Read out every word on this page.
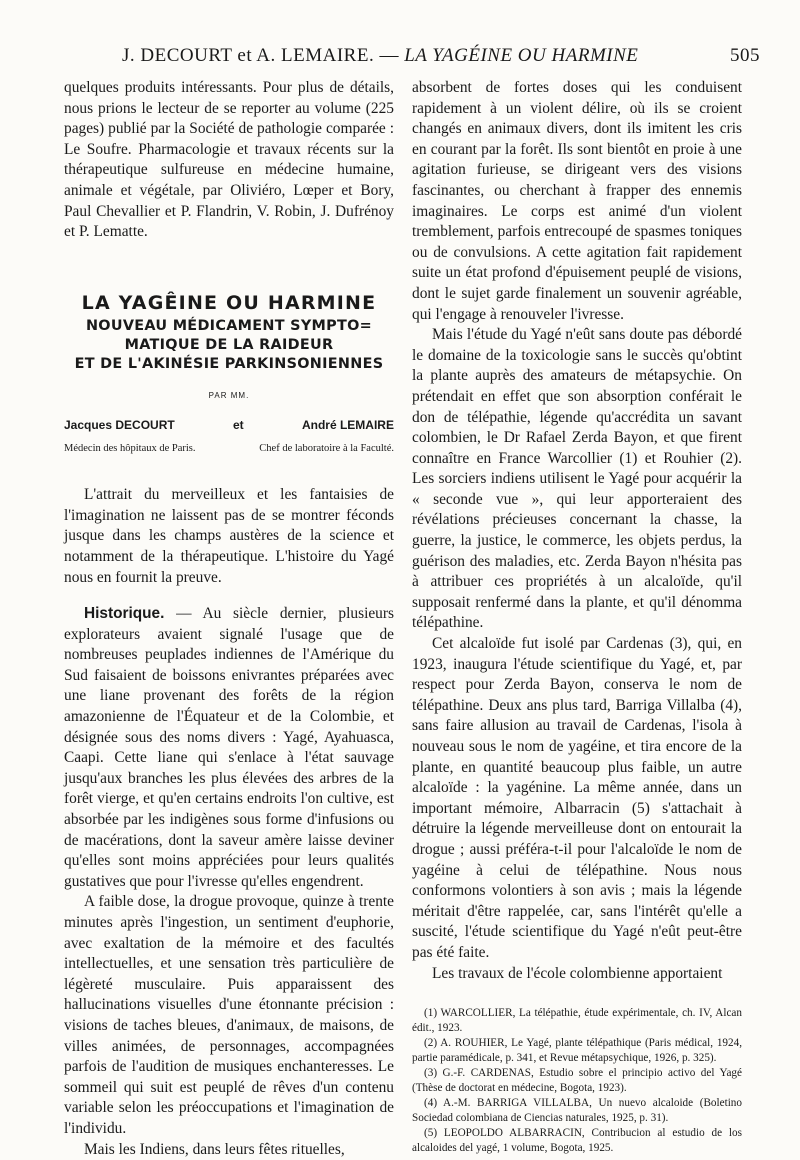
J. DECOURT et A. LEMAIRE. — LA YAGÉINE OU HARMINE	505

quelques produits intéressants. Pour plus de détails, nous prions le lecteur de se reporter au volume (225 pages) publié par la Société de pathologie comparée : Le Soufre. Pharmacologie et travaux récents sur la thérapeutique sulfureuse en médecine humaine, animale et végétale, par Oliviéro, Lœper et Bory, Paul Chevallier et P. Flandrin, V. Robin, J. Dufrénoy et P. Lematte.

LA YAGÊINE OU HARMINE
NOUVEAU MÉDICAMENT SYMPTO=
MATIQUE DE LA RAIDEUR
ET DE L'AKINÉSIE PARKINSONIENNES
PAR MM.
Jacques DECOURT	et	André LEMAIRE
Médecin des hôpitaux de Paris.	Chef de laboratoire à la Faculté.

L'attrait du merveilleux et les fantaisies de l'imagination ne laissent pas de se montrer féconds jusque dans les champs austères de la science et notamment de la thérapeutique. L'histoire du Yagé nous en fournit la preuve.

Historique. — Au siècle dernier, plusieurs explorateurs avaient signalé l'usage que de nombreuses peuplades indiennes de l'Amérique du Sud faisaient de boissons enivrantes préparées avec une liane provenant des forêts de la région amazonienne de l'Équateur et de la Colombie, et désignée sous des noms divers : Yagé, Ayahuasca, Caapi. Cette liane qui s'enlace à l'état sauvage jusqu'aux branches les plus élevées des arbres de la forêt vierge, et qu'en certains endroits l'on cultive, est absorbée par les indigènes sous forme d'infusions ou de macérations, dont la saveur amère laisse deviner qu'elles sont moins appréciées pour leurs qualités gustatives que pour l'ivresse qu'elles engendrent.

A faible dose, la drogue provoque, quinze à trente minutes après l'ingestion, un sentiment d'euphorie, avec exaltation de la mémoire et des facultés intellectuelles, et une sensation très particulière de légèreté musculaire. Puis apparaissent des hallucinations visuelles d'une étonnante précision : visions de taches bleues, d'animaux, de maisons, de villes animées, de personnages, accompagnées parfois de l'audition de musiques enchanteresses. Le sommeil qui suit est peuplé de rêves d'un contenu variable selon les préoccupations et l'imagination de l'individu.

Mais les Indiens, dans leurs fêtes rituelles,

absorbent de fortes doses qui les conduisent rapidement à un violent délire, où ils se croient changés en animaux divers, dont ils imitent les cris en courant par la forêt. Ils sont bientôt en proie à une agitation furieuse, se dirigeant vers des visions fascinantes, ou cherchant à frapper des ennemis imaginaires. Le corps est animé d'un violent tremblement, parfois entrecoupé de spasmes toniques ou de convulsions. A cette agitation fait rapidement suite un état profond d'épuisement peuplé de visions, dont le sujet garde finalement un souvenir agréable, qui l'engage à renouveler l'ivresse.

Mais l'étude du Yagé n'eût sans doute pas débordé le domaine de la toxicologie sans le succès qu'obtint la plante auprès des amateurs de métapsychie. On prétendait en effet que son absorption conférait le don de télépathie, légende qu'accrédita un savant colombien, le Dr Rafael Zerda Bayon, et que firent connaître en France Warcollier (1) et Rouhier (2). Les sorciers indiens utilisent le Yagé pour acquérir la « seconde vue », qui leur apporteraient des révélations précieuses concernant la chasse, la guerre, la justice, le commerce, les objets perdus, la guérison des maladies, etc. Zerda Bayon n'hésita pas à attribuer ces propriétés à un alcaloïde, qu'il supposait renfermé dans la plante, et qu'il dénomma télépathine.

Cet alcaloïde fut isolé par Cardenas (3), qui, en 1923, inaugura l'étude scientifique du Yagé, et, par respect pour Zerda Bayon, conserva le nom de télépathine. Deux ans plus tard, Barriga Villalba (4), sans faire allusion au travail de Cardenas, l'isola à nouveau sous le nom de yagéine, et tira encore de la plante, en quantité beaucoup plus faible, un autre alcaloïde : la yagénine. La même année, dans un important mémoire, Albarracin (5) s'attachait à détruire la légende merveilleuse dont on entourait la drogue ; aussi préféra-t-il pour l'alcaloïde le nom de yagéine à celui de télépathine. Nous nous conformons volontiers à son avis ; mais la légende méritait d'être rappelée, car, sans l'intérêt qu'elle a suscité, l'étude scientifique du Yagé n'eût peut-être pas été faite.

Les travaux de l'école colombienne apportaient

(1) WARCOLLIER, La télépathie, étude expérimentale, ch. IV, Alcan édit., 1923.

(2) A. ROUHIER, Le Yagé, plante télépathique (Paris médical, 1924, partie paramédicale, p. 341, et Revue métapsychique, 1926, p. 325).

(3) G.-F. CARDENAS, Estudio sobre el principio activo del Yagé (Thèse de doctorat en médecine, Bogota, 1923).

(4) A.-M. BARRIGA VILLALBA, Un nuevo alcaloide (Boletino Sociedad colombiana de Ciencias naturales, 1925, p. 31).

(5) LEOPOLDO ALBARRACIN, Contribucion al estudio de los alcaloides del yagé, 1 volume, Bogota, 1925.
